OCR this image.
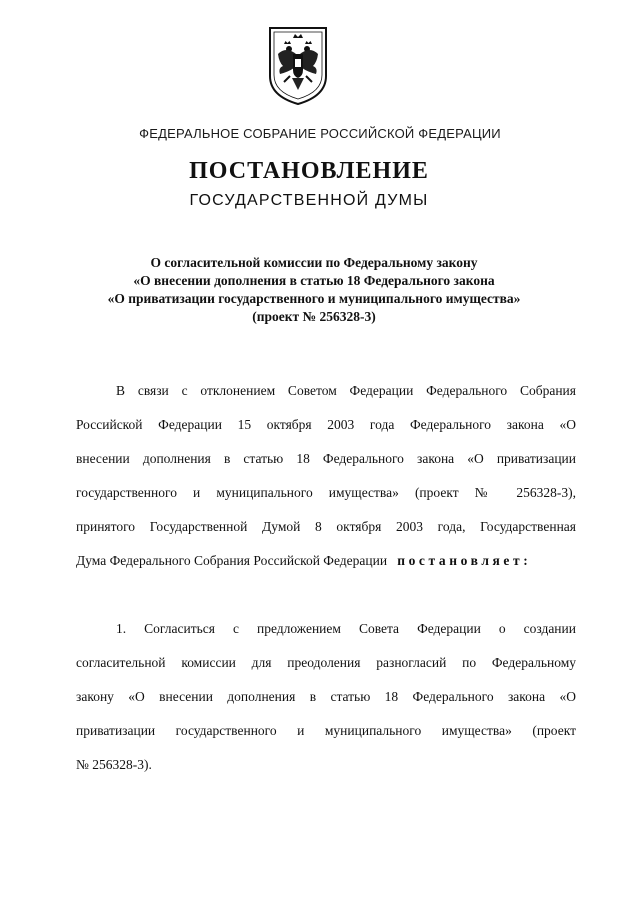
ФЕДЕРАЛЬНОЕ СОБРАНИЕ РОССИЙСКОЙ ФЕДЕРАЦИИ
ПОСТАНОВЛЕНИЕ
ГОСУДАРСТВЕННОЙ ДУМЫ
О согласительной комиссии по Федеральному закону
«О внесении дополнения в статью 18 Федерального закона
«О приватизации государственного и муниципального имущества»
(проект № 256328-3)
В связи с отклонением Советом Федерации Федерального Собрания
Российской Федерации 15 октября 2003 года Федерального закона «О
внесении дополнения в статью 18 Федерального закона «О приватизации
государственного и муниципального имущества» (проект № 256328-3),
принятого Государственной Думой 8 октября 2003 года, Государственная
Дума Федерального Собрания Российской Федерации постановляет:
1. Согласиться с предложением Совета Федерации о создании
согласительной комиссии для преодоления разногласий по Федеральному
закону «О внесении дополнения в статью 18 Федерального закона «О
приватизации государственного и муниципального имущества» (проект
№ 256328-3).
